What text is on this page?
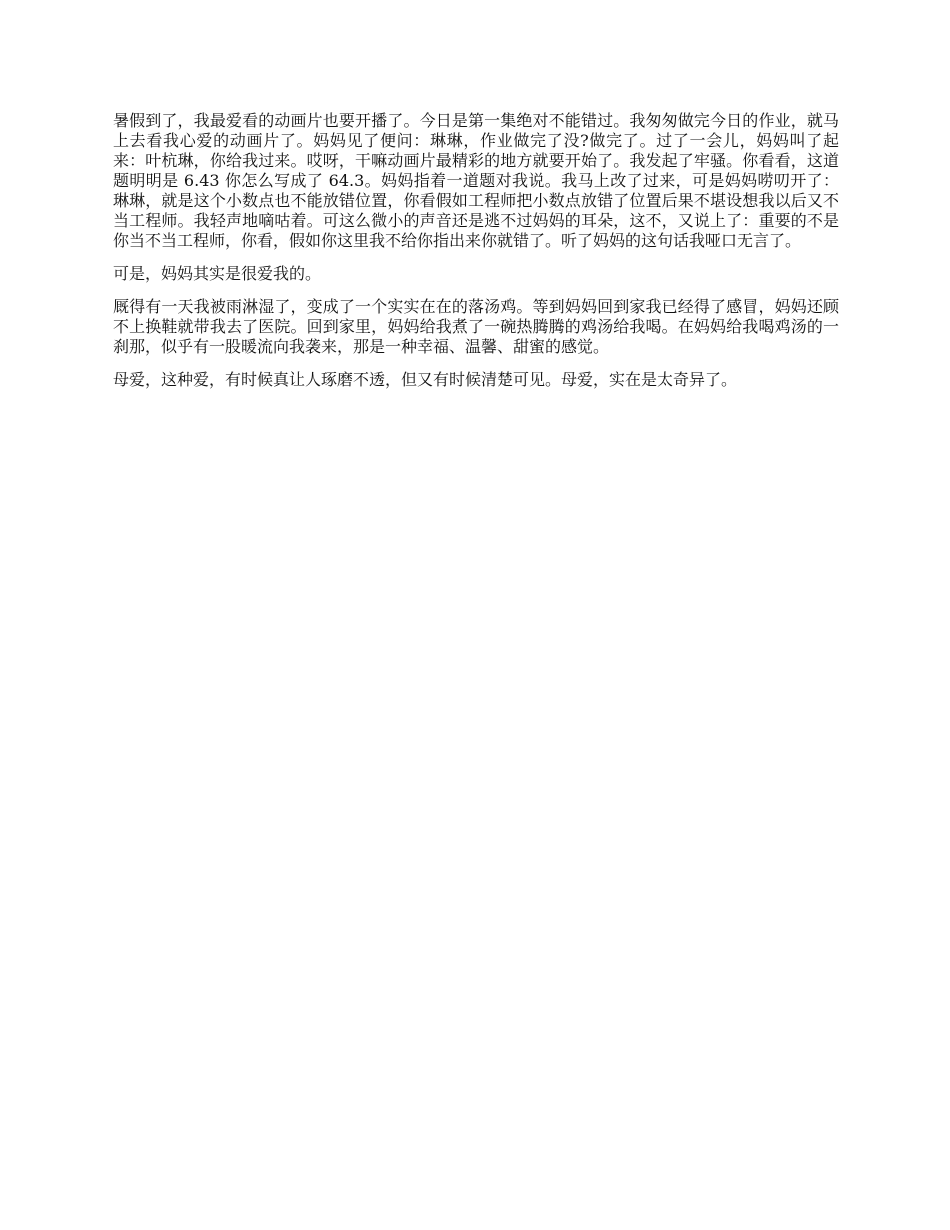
暑假到了，我最爱看的动画片也要开播了。今日是第一集绝对不能错过。我匆匆做完今日的作业，就马上去看我心爱的动画片了。妈妈见了便问：琳琳，作业做完了没?做完了。过了一会儿，妈妈叫了起来：叶杭琳，你给我过来。哎呀，干嘛动画片最精彩的地方就要开始了。我发起了牢骚。你看看，这道题明明是 6.43 你怎么写成了 64.3。妈妈指着一道题对我说。我马上改了过来，可是妈妈唠叨开了：琳琳，就是这个小数点也不能放错位置，你看假如工程师把小数点放错了位置后果不堪设想我以后又不当工程师。我轻声地嘀咕着。可这么微小的声音还是逃不过妈妈的耳朵，这不，又说上了：重要的不是你当不当工程师，你看，假如你这里我不给你指出来你就错了。听了妈妈的这句话我哑口无言了。

可是，妈妈其实是很爱我的。

厩得有一天我被雨淋湿了，变成了一个实实在在的落汤鸡。等到妈妈回到家我已经得了感冒，妈妈还顾不上换鞋就带我去了医院。回到家里，妈妈给我煮了一碗热腾腾的鸡汤给我喝。在妈妈给我喝鸡汤的一刹那，似乎有一股暖流向我袭来，那是一种幸福、温馨、甜蜜的感觉。

母爱，这种爱，有时候真让人琢磨不透，但又有时候清楚可见。母爱，实在是太奇异了。
